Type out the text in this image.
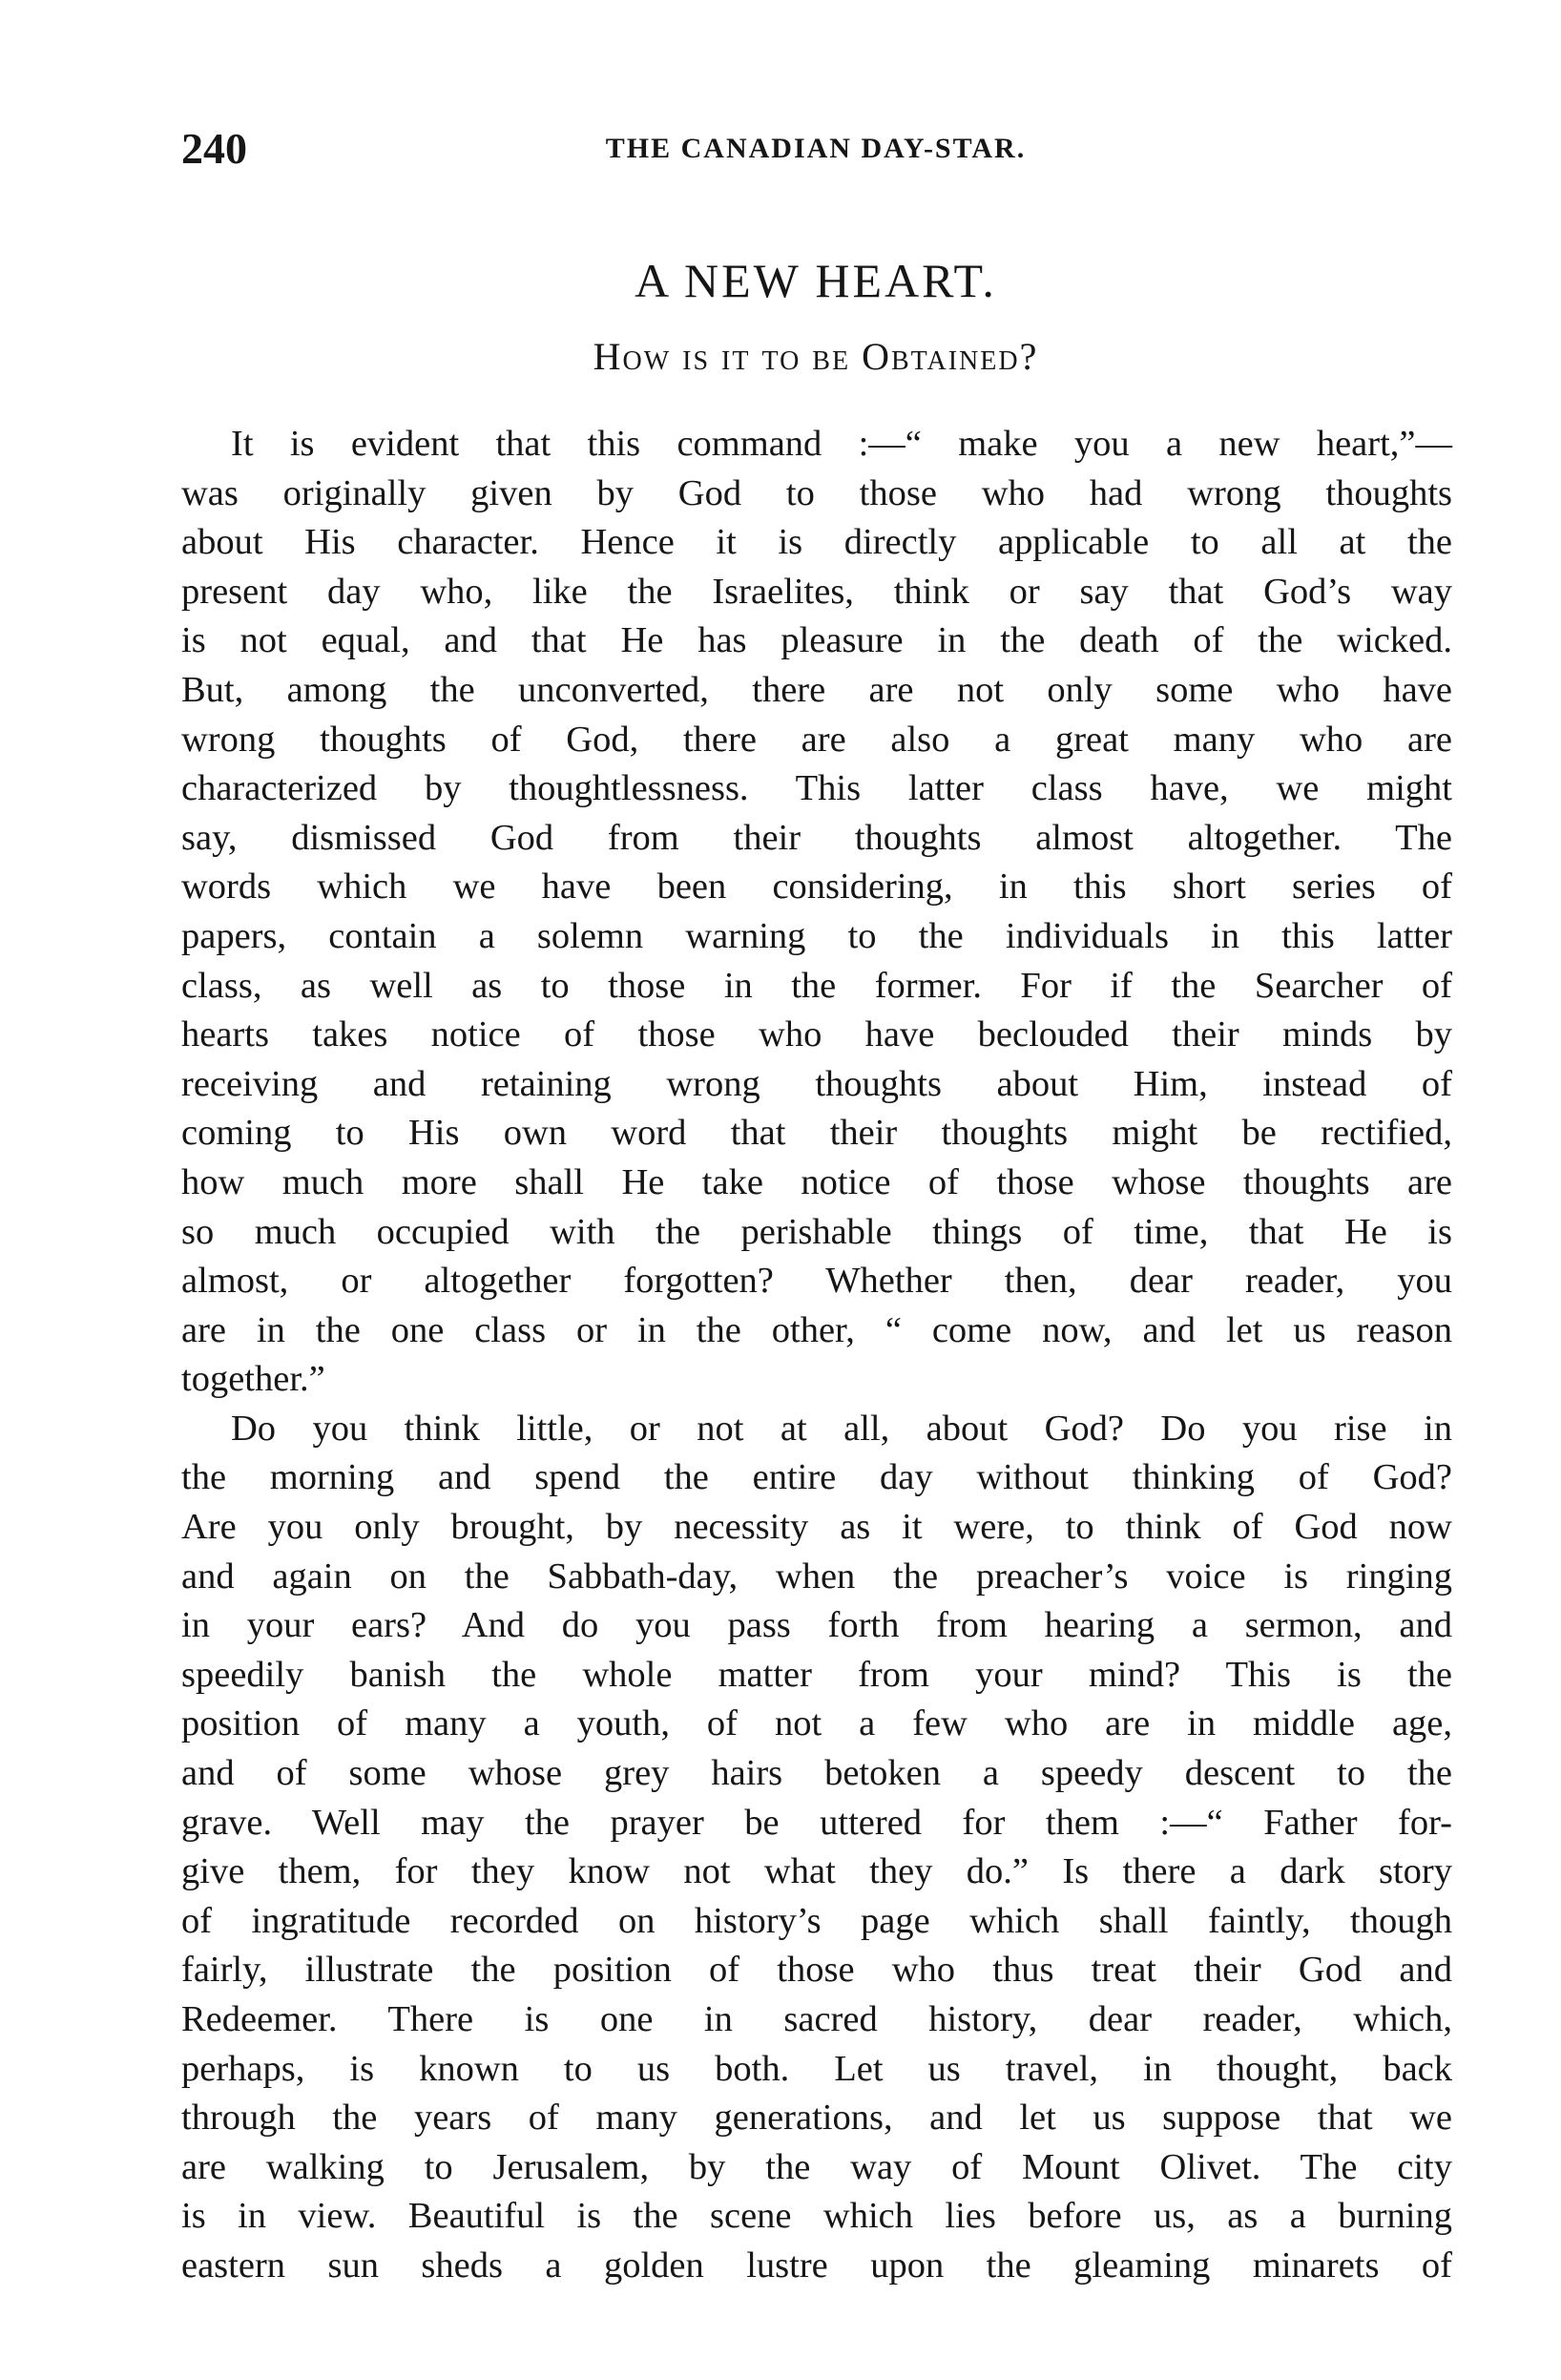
240	THE CANADIAN DAY-STAR.
A NEW HEART.
How is it to be Obtained?
It is evident that this command :—“ make you a new heart,”—
was originally given by God to those who had wrong thoughts
about His character. Hence it is directly applicable to all at the
present day who, like the Israelites, think or say that God’s way
is not equal, and that He has pleasure in the death of the wicked.
But, among the unconverted, there are not only some who have
wrong thoughts of God, there are also a great many who are
characterized by thoughtlessness. This latter class have, we might
say, dismissed God from their thoughts almost altogether. The
words which we have been considering, in this short series of
papers, contain a solemn warning to the individuals in this latter
class, as well as to those in the former. For if the Searcher of
hearts takes notice of those who have beclouded their minds by
receiving and retaining wrong thoughts about Him, instead of
coming to His own word that their thoughts might be rectified,
how much more shall He take notice of those whose thoughts are
so much occupied with the perishable things of time, that He is
almost, or altogether forgotten? Whether then, dear reader, you
are in the one class or in the other, “ come now, and let us reason
together.”
Do you think little, or not at all, about God? Do you rise in
the morning and spend the entire day without thinking of God?
Are you only brought, by necessity as it were, to think of God now
and again on the Sabbath-day, when the preacher’s voice is ringing
in your ears? And do you pass forth from hearing a sermon, and
speedily banish the whole matter from your mind? This is the
position of many a youth, of not a few who are in middle age,
and of some whose grey hairs betoken a speedy descent to the
grave. Well may the prayer be uttered for them :—“ Father for-
give them, for they know not what they do.” Is there a dark story
of ingratitude recorded on history’s page which shall faintly, though
fairly, illustrate the position of those who thus treat their God and
Redeemer. There is one in sacred history, dear reader, which,
perhaps, is known to us both. Let us travel, in thought, back
through the years of many generations, and let us suppose that we
are walking to Jerusalem, by the way of Mount Olivet. The city
is in view. Beautiful is the scene which lies before us, as a burning
eastern sun sheds a golden lustre upon the gleaming minarets of
